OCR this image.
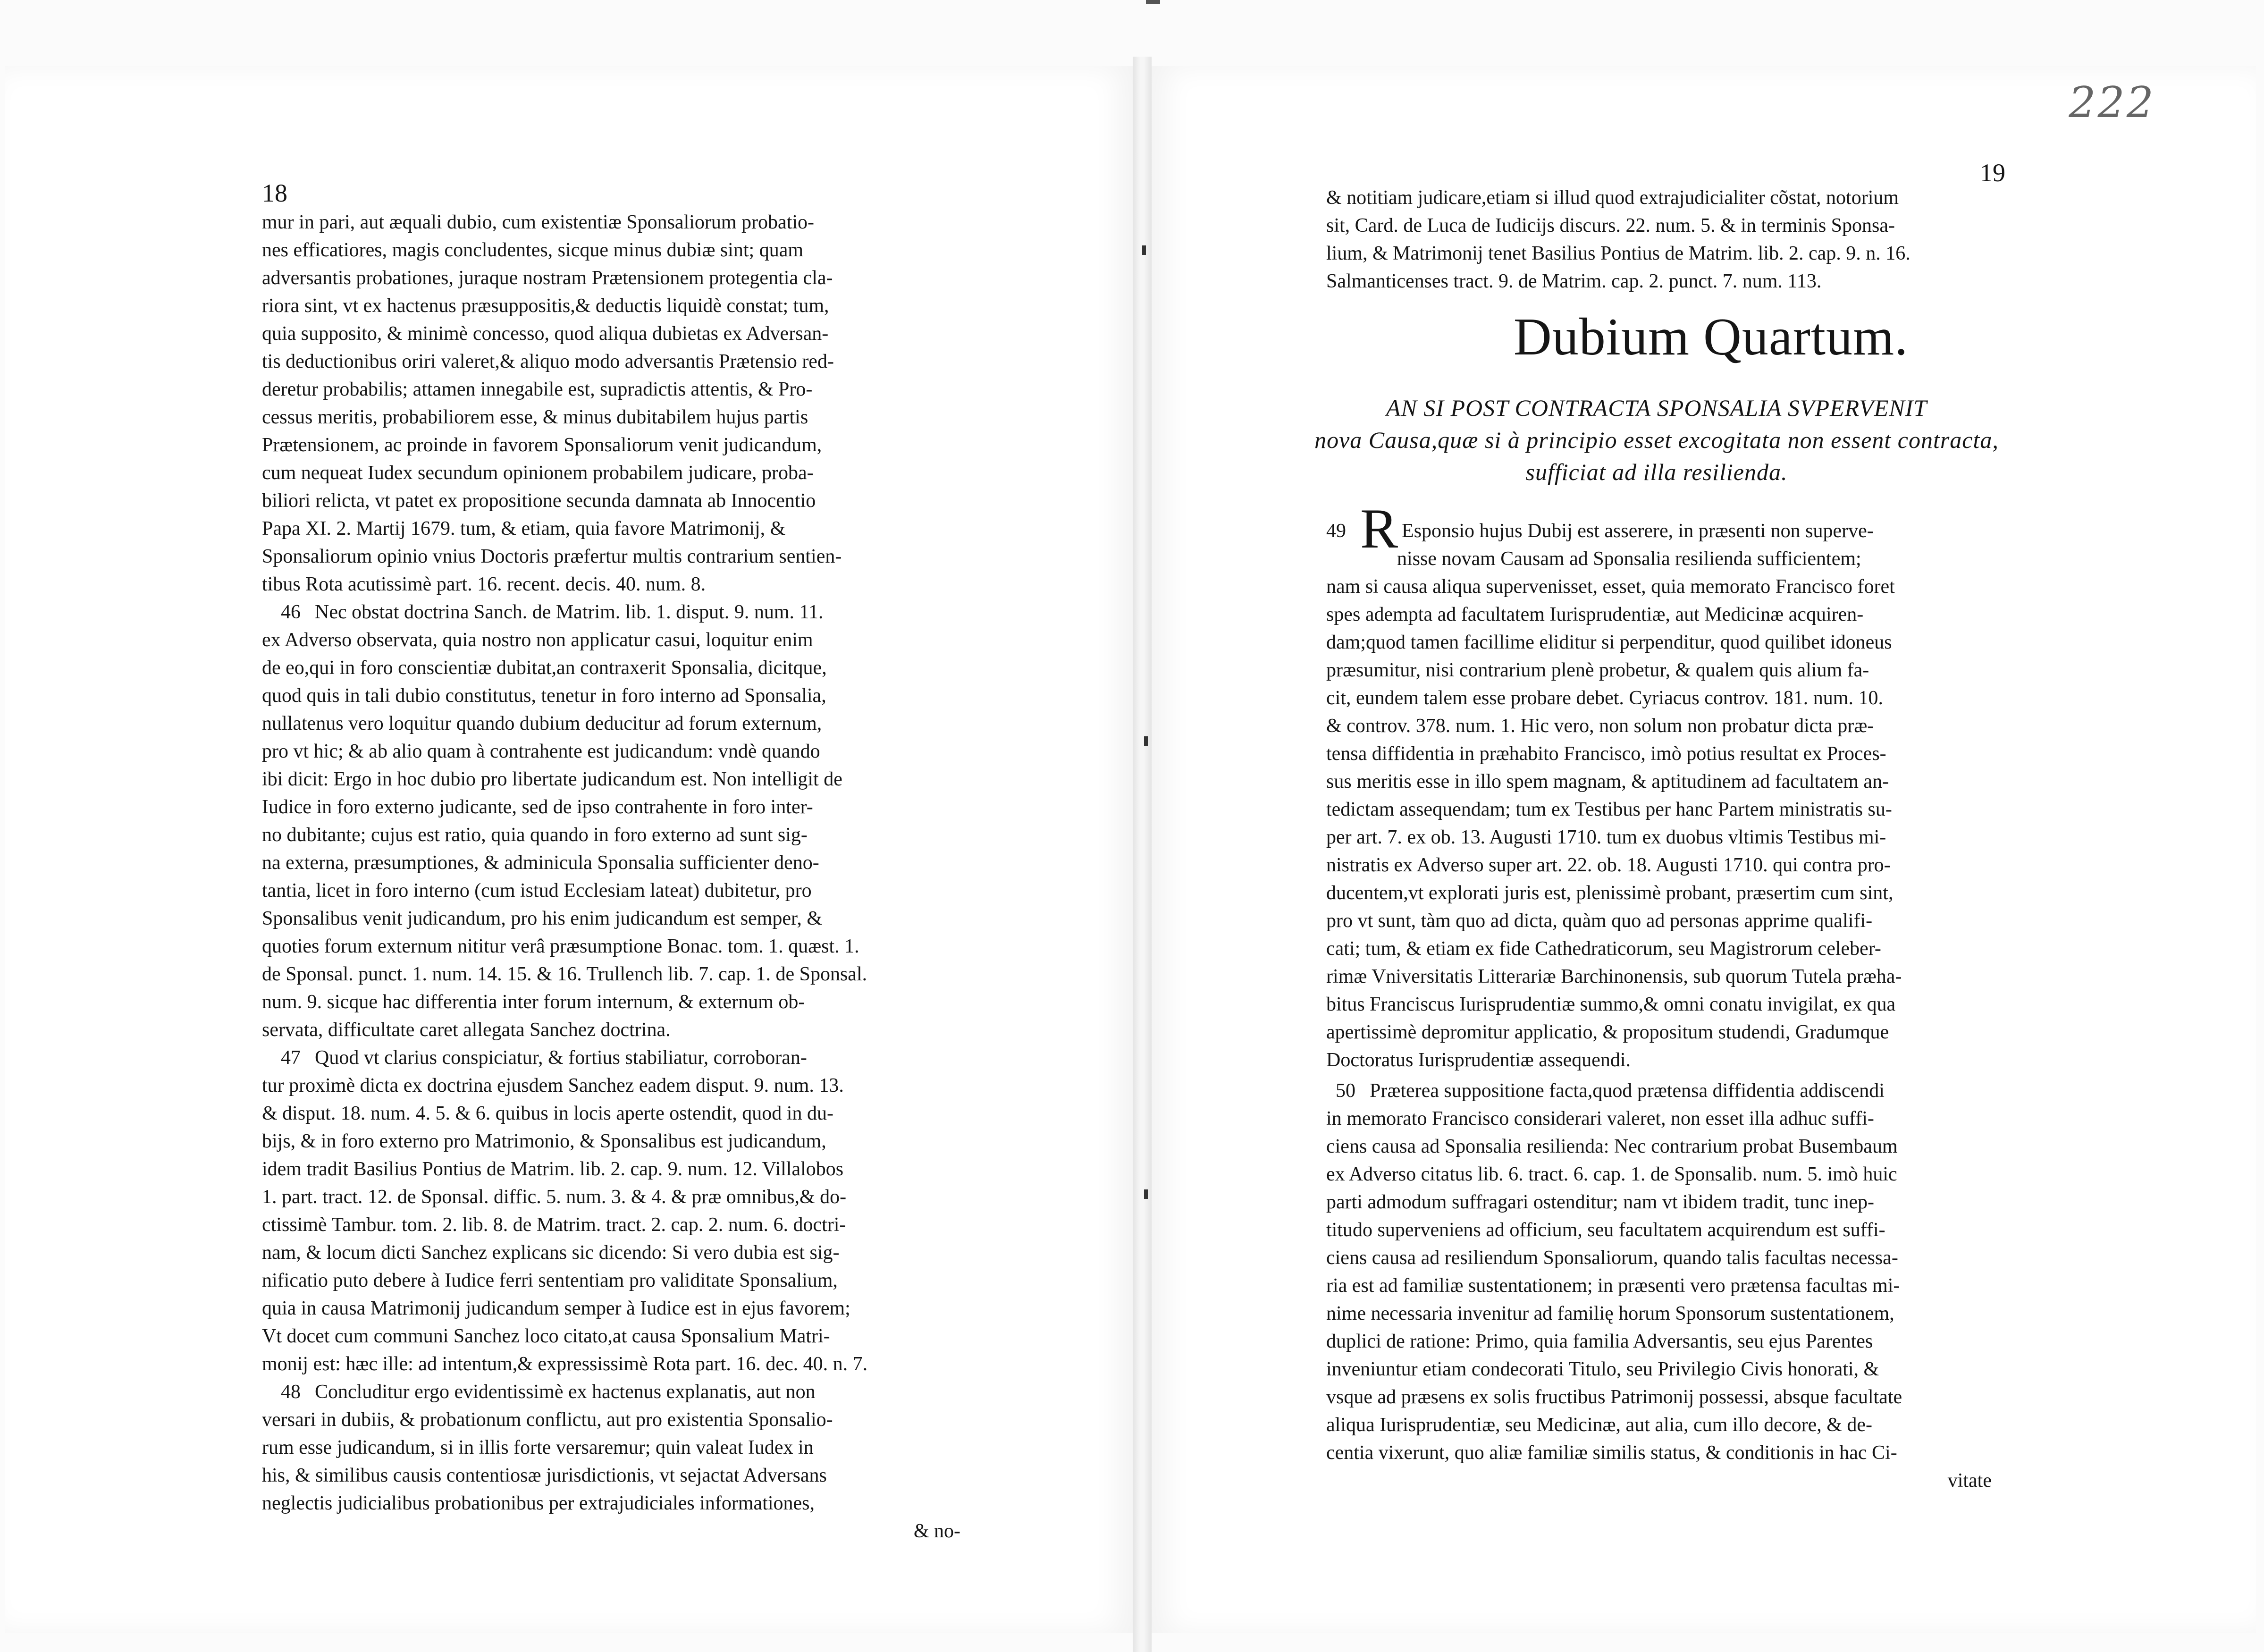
18
mur in pari, aut æquali dubio, cum existentiæ Sponsaliorum probatio-
nes efficatiores, magis concludentes, sicque minus dubiæ sint; quam
adversantis probationes, juraque nostram Prætensionem protegentia cla-
riora sint, vt ex hactenus præsuppositis,& deductis liquidè constat; tum,
quia supposito, & minimè concesso, quod aliqua dubietas ex Adversan-
tis deductionibus oriri valeret,& aliquo modo adversantis Prætensio red-
deretur probabilis; attamen innegabile est, supradictis attentis, & Pro-
cessus meritis, probabiliorem esse, & minus dubitabilem hujus partis
Prætensionem, ac proinde in favorem Sponsaliorum venit judicandum,
cum nequeat Iudex secundum opinionem probabilem judicare, proba-
biliori relicta, vt patet ex propositione secunda damnata ab Innocentio
Papa XI. 2. Martij 1679. tum, & etiam, quia favore Matrimonij, &
Sponsaliorum opinio vnius Doctoris præfertur multis contrarium sentien-
tibus Rota acutissimè part. 16. recent. decis. 40. num. 8.
46 Nec obstat doctrina Sanch. de Matrim. lib. 1. disput. 9. num. 11.
ex Adverso observata, quia nostro non applicatur casui, loquitur enim
de eo,qui in foro conscientiæ dubitat,an contraxerit Sponsalia, dicitque,
quod quis in tali dubio constitutus, tenetur in foro interno ad Sponsalia,
nullatenus vero loquitur quando dubium deducitur ad forum externum,
pro vt hic; & ab alio quam à contrahente est judicandum: vndè quando
ibi dicit: Ergo in hoc dubio pro libertate judicandum est. Non intelligit de
Iudice in foro externo judicante, sed de ipso contrahente in foro inter-
no dubitante; cujus est ratio, quia quando in foro externo ad sunt sig-
na externa, præsumptiones, & adminicula Sponsalia sufficienter deno-
tantia, licet in foro interno (cum istud Ecclesiam lateat) dubitetur, pro
Sponsalibus venit judicandum, pro his enim judicandum est semper, &
quoties forum externum nititur verâ præsumptione Bonac. tom. 1. quæst. 1.
de Sponsal. punct. 1. num. 14. 15. & 16. Trullench lib. 7. cap. 1. de Sponsal.
num. 9. sicque hac differentia inter forum internum, & externum ob-
servata, difficultate caret allegata Sanchez doctrina.
47 Quod vt clarius conspiciatur, & fortius stabiliatur, corroboran-
tur proximè dicta ex doctrina ejusdem Sanchez eadem disput. 9. num. 13.
& disput. 18. num. 4. 5. & 6. quibus in locis aperte ostendit, quod in du-
bijs, & in foro externo pro Matrimonio, & Sponsalibus est judicandum,
idem tradit Basilius Pontius de Matrim. lib. 2. cap. 9. num. 12. Villalobos
1. part. tract. 12. de Sponsal. diffic. 5. num. 3. & 4. & præ omnibus,& do-
ctissimè Tambur. tom. 2. lib. 8. de Matrim. tract. 2. cap. 2. num. 6. doctri-
nam, & locum dicti Sanchez explicans sic dicendo: Si vero dubia est sig-
nificatio puto debere à Iudice ferri sententiam pro validitate Sponsalium,
quia in causa Matrimonij judicandum semper à Iudice est in ejus favorem;
Vt docet cum communi Sanchez loco citato,at causa Sponsalium Matri-
monij est: hæc ille: ad intentum,& expressissimè Rota part. 16. dec. 40. n. 7.
48 Concluditur ergo evidentissimè ex hactenus explanatis, aut non
versari in dubiis, & probationum conflictu, aut pro existentia Sponsalio-
rum esse judicandum, si in illis forte versaremur; quin valeat Iudex in
his, & similibus causis contentiosæ jurisdictionis, vt sejactat Adversans
neglectis judicialibus probationibus per extrajudiciales informationes,
& no-
222
19
& notitiam judicare,etiam si illud quod extrajudicialiter cõstat, notorium
sit, Card. de Luca de Iudicijs discurs. 22. num. 5. & in terminis Sponsa-
lium, & Matrimonij tenet Basilius Pontius de Matrim. lib. 2. cap. 9. n. 16.
Salmanticenses tract. 9. de Matrim. cap. 2. punct. 7. num. 113.
Dubium Quartum.
AN SI POST CONTRACTA SPONSALIA SVPERVENIT
nova Causa,quæ si à principio esset excogitata non essent contracta,
sufficiat ad illa resilienda.
49 R Esponsio hujus Dubij est asserere, in præsenti non superve-
nisse novam Causam ad Sponsalia resilienda sufficientem;
nam si causa aliqua supervenisset, esset, quia memorato Francisco foret
spes adempta ad facultatem Iurisprudentiæ, aut Medicinæ acquiren-
dam;quod tamen facillime eliditur si perpenditur, quod quilibet idoneus
præsumitur, nisi contrarium plenè probetur, & qualem quis alium fa-
cit, eundem talem esse probare debet. Cyriacus controv. 181. num. 10.
& controv. 378. num. 1. Hic vero, non solum non probatur dicta præ-
tensa diffidentia in præhabito Francisco, imò potius resultat ex Proces-
sus meritis esse in illo spem magnam, & aptitudinem ad facultatem an-
tedictam assequendam; tum ex Testibus per hanc Partem ministratis su-
per art. 7. ex ob. 13. Augusti 1710. tum ex duobus vltimis Testibus mi-
nistratis ex Adverso super art. 22. ob. 18. Augusti 1710. qui contra pro-
ducentem,vt explorati juris est, plenissimè probant, præsertim cum sint,
pro vt sunt, tàm quo ad dicta, quàm quo ad personas apprime qualifi-
cati; tum, & etiam ex fide Cathedraticorum, seu Magistrorum celeber-
rimæ Vniversitatis Litterariæ Barchinonensis, sub quorum Tutela præha-
bitus Franciscus Iurisprudentiæ summo,& omni conatu invigilat, ex qua
apertissimè depromitur applicatio, & propositum studendi, Gradumque
Doctoratus Iurisprudentiæ assequendi.
50 Præterea suppositione facta,quod prætensa diffidentia addiscendi
in memorato Francisco considerari valeret, non esset illa adhuc suffi-
ciens causa ad Sponsalia resilienda: Nec contrarium probat Busembaum
ex Adverso citatus lib. 6. tract. 6. cap. 1. de Sponsalib. num. 5. imò huic
parti admodum suffragari ostenditur; nam vt ibidem tradit, tunc inep-
titudo superveniens ad officium, seu facultatem acquirendum est suffi-
ciens causa ad resiliendum Sponsaliorum, quando talis facultas necessa-
ria est ad familiæ sustentationem; in præsenti vero prætensa facultas mi-
nime necessaria invenitur ad familię horum Sponsorum sustentationem,
duplici de ratione: Primo, quia familia Adversantis, seu ejus Parentes
inveniuntur etiam condecorati Titulo, seu Privilegio Civis honorati, &
vsque ad præsens ex solis fructibus Patrimonij possessi, absque facultate
aliqua Iurisprudentiæ, seu Medicinæ, aut alia, cum illo decore, & de-
centia vixerunt, quo aliæ familiæ similis status, & conditionis in hac Ci-
vitate
